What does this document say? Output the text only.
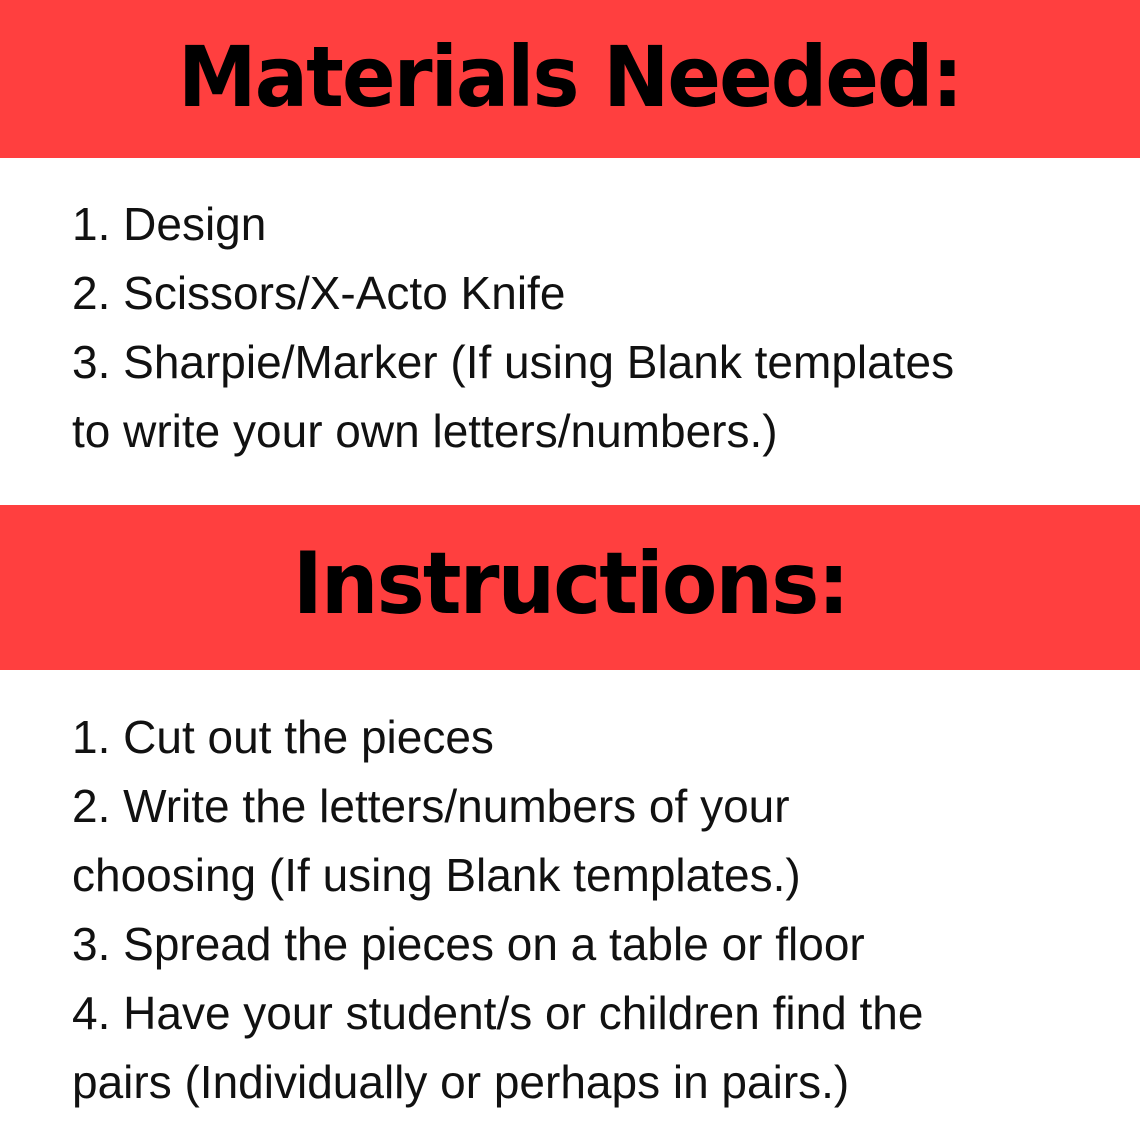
Materials Needed:
1. Design
2. Scissors/X-Acto Knife
3. Sharpie/Marker (If using Blank templates
to write your own letters/numbers.)
Instructions:
1. Cut out the pieces
2. Write the letters/numbers of your
choosing (If using Blank templates.)
3. Spread the pieces on a table or floor
4. Have your student/s or children find the
pairs (Individually or perhaps in pairs.)
